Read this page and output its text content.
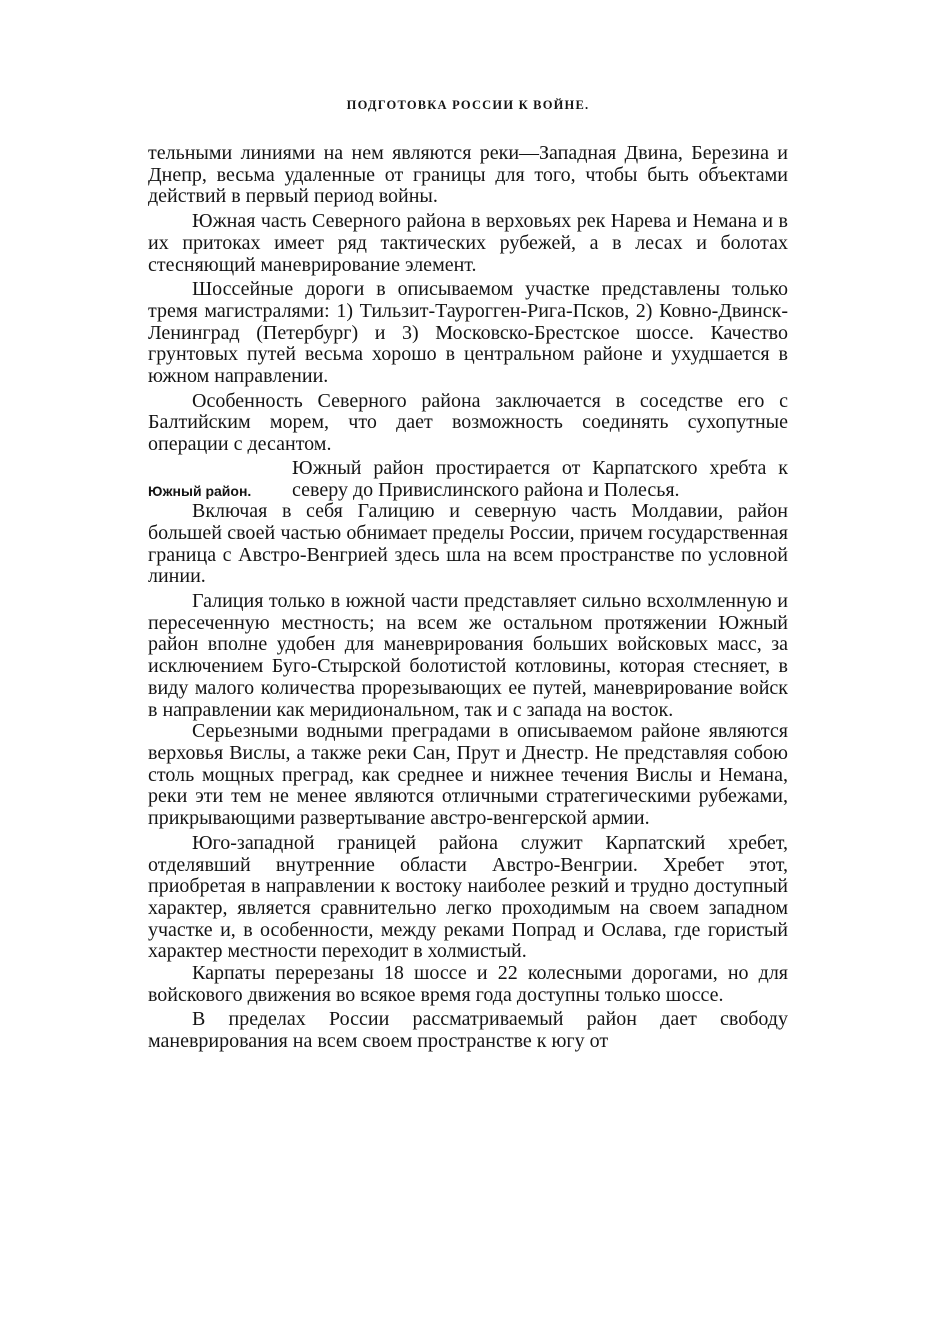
ПОДГОТОВКА РОССИИ К ВОЙНЕ.

тельными линиями на нем являются реки—Западная Двина, Березина и Днепр, весьма удаленные от границы для того, чтобы быть объектами действий в первый период войны.

Южная часть Северного района в верховьях рек Нарева и Немана и в их притоках имеет ряд тактических рубежей, а в лесах и болотах стесняющий маневрирование элемент.

Шоссейные дороги в описываемом участке представлены только тремя магистралями: 1) Тильзит-Таурогген-Рига-Псков, 2) Ковно-Двинск-Ленинград (Петербург) и 3) Московско-Брестское шоссе. Качество грунтовых путей весьма хорошо в центральном районе и ухудшается в южном направлении.

Особенность Северного района заключается в соседстве его с Балтийским морем, что дает возможность соединять сухопутные операции с десантом.

Южный район.

Южный район простирается от Карпатского хребта к северу до Привислинского района и Полесья.

Включая в себя Галицию и северную часть Молдавии, район большей своей частью обнимает пределы России, причем государственная граница с Австро-Венгрией здесь шла на всем пространстве по условной линии.

Галиция только в южной части представляет сильно всхолмленную и пересеченную местность; на всем же остальном протяжении Южный район вполне удобен для маневрирования больших войсковых масс, за исключением Буго-Стырской болотистой котловины, которая стесняет, в виду малого количества прорезывающих ее путей, маневрирование войск в направлении как меридиональном, так и с запада на восток.

Серьезными водными преградами в описываемом районе являются верховья Вислы, а также реки Сан, Прут и Днестр. Не представляя собою столь мощных преград, как среднее и нижнее течения Вислы и Немана, реки эти тем не менее являются отличными стратегическими рубежами, прикрывающими развертывание австро-венгерской армии.

Юго-западной границей района служит Карпатский хребет, отделявший внутренние области Австро-Венгрии. Хребет этот, приобретая в направлении к востоку наиболее резкий и трудно доступный характер, является сравнительно легко проходимым на своем западном участке и, в особенности, между реками Попрад и Ослава, где гористый характер местности переходит в холмистый.

Карпаты перерезаны 18 шоссе и 22 колесными дорогами, но для войскового движения во всякое время года доступны только шоссе.

В пределах России рассматриваемый район дает свободу маневрирования на всем своем пространстве к югу от
